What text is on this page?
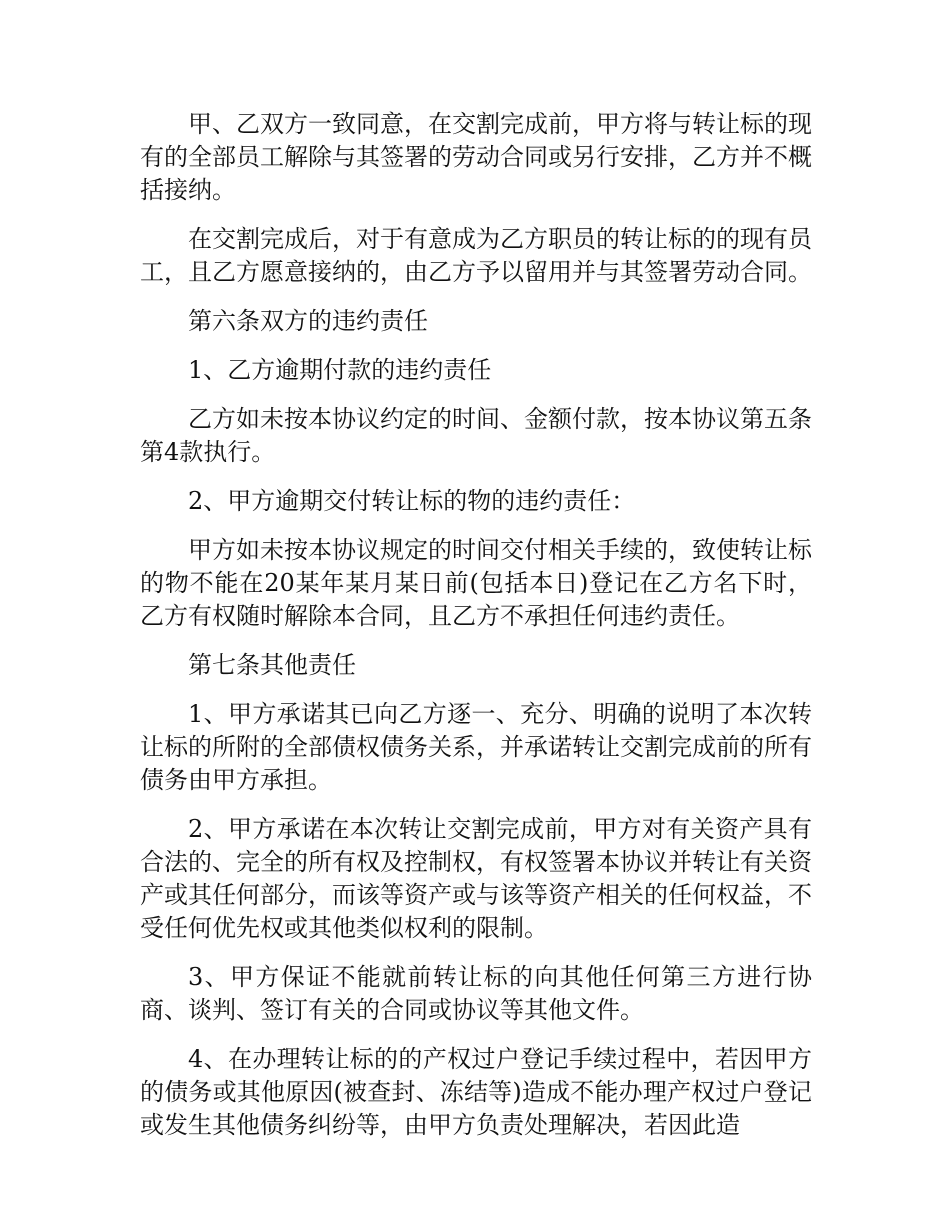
甲、乙双方一致同意，在交割完成前，甲方将与转让标的现有的全部员工解除与其签署的劳动合同或另行安排，乙方并不概括接纳。

在交割完成后，对于有意成为乙方职员的转让标的的现有员工，且乙方愿意接纳的，由乙方予以留用并与其签署劳动合同。

第六条双方的违约责任

1、乙方逾期付款的违约责任

乙方如未按本协议约定的时间、金额付款，按本协议第五条第4款执行。

2、甲方逾期交付转让标的物的违约责任：

甲方如未按本协议规定的时间交付相关手续的，致使转让标的物不能在20某年某月某日前(包括本日)登记在乙方名下时，乙方有权随时解除本合同，且乙方不承担任何违约责任。

第七条其他责任

1、甲方承诺其已向乙方逐一、充分、明确的说明了本次转让标的所附的全部债权债务关系，并承诺转让交割完成前的所有债务由甲方承担。

2、甲方承诺在本次转让交割完成前，甲方对有关资产具有合法的、完全的所有权及控制权，有权签署本协议并转让有关资产或其任何部分，而该等资产或与该等资产相关的任何权益，不受任何优先权或其他类似权利的限制。

3、甲方保证不能就前转让标的向其他任何第三方进行协商、谈判、签订有关的合同或协议等其他文件。

4、在办理转让标的的产权过户登记手续过程中，若因甲方的债务或其他原因(被查封、冻结等)造成不能办理产权过户登记或发生其他债务纠纷等，由甲方负责处理解决，若因此造
